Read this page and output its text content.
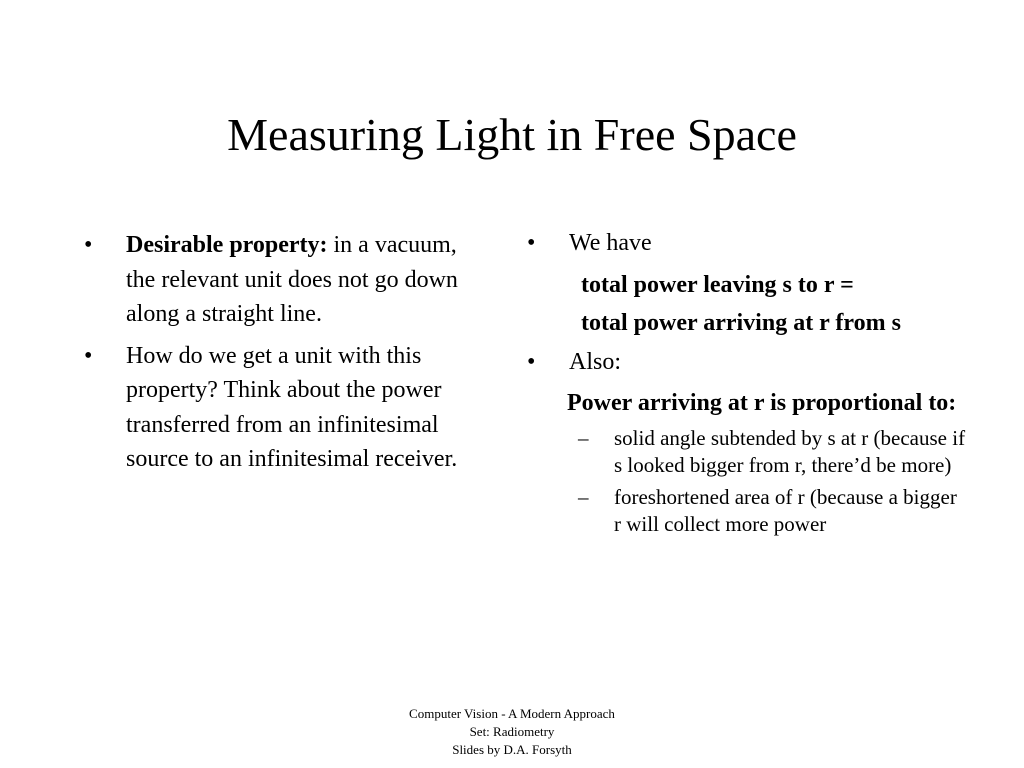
Measuring Light in Free Space
• Desirable property: in a vacuum, the relevant unit does not go down along a straight line.
• How do we get a unit with this property? Think about the power transferred from an infinitesimal source to an infinitesimal receiver.
• We have
total power leaving s to r =
total power arriving at r from s
• Also:
Power arriving at r is proportional to:
– solid angle subtended by s at r (because if s looked bigger from r, there’d be more)
– foreshortened area of r (because a bigger r will collect more power
Computer Vision - A Modern Approach
Set: Radiometry
Slides by D.A. Forsyth
